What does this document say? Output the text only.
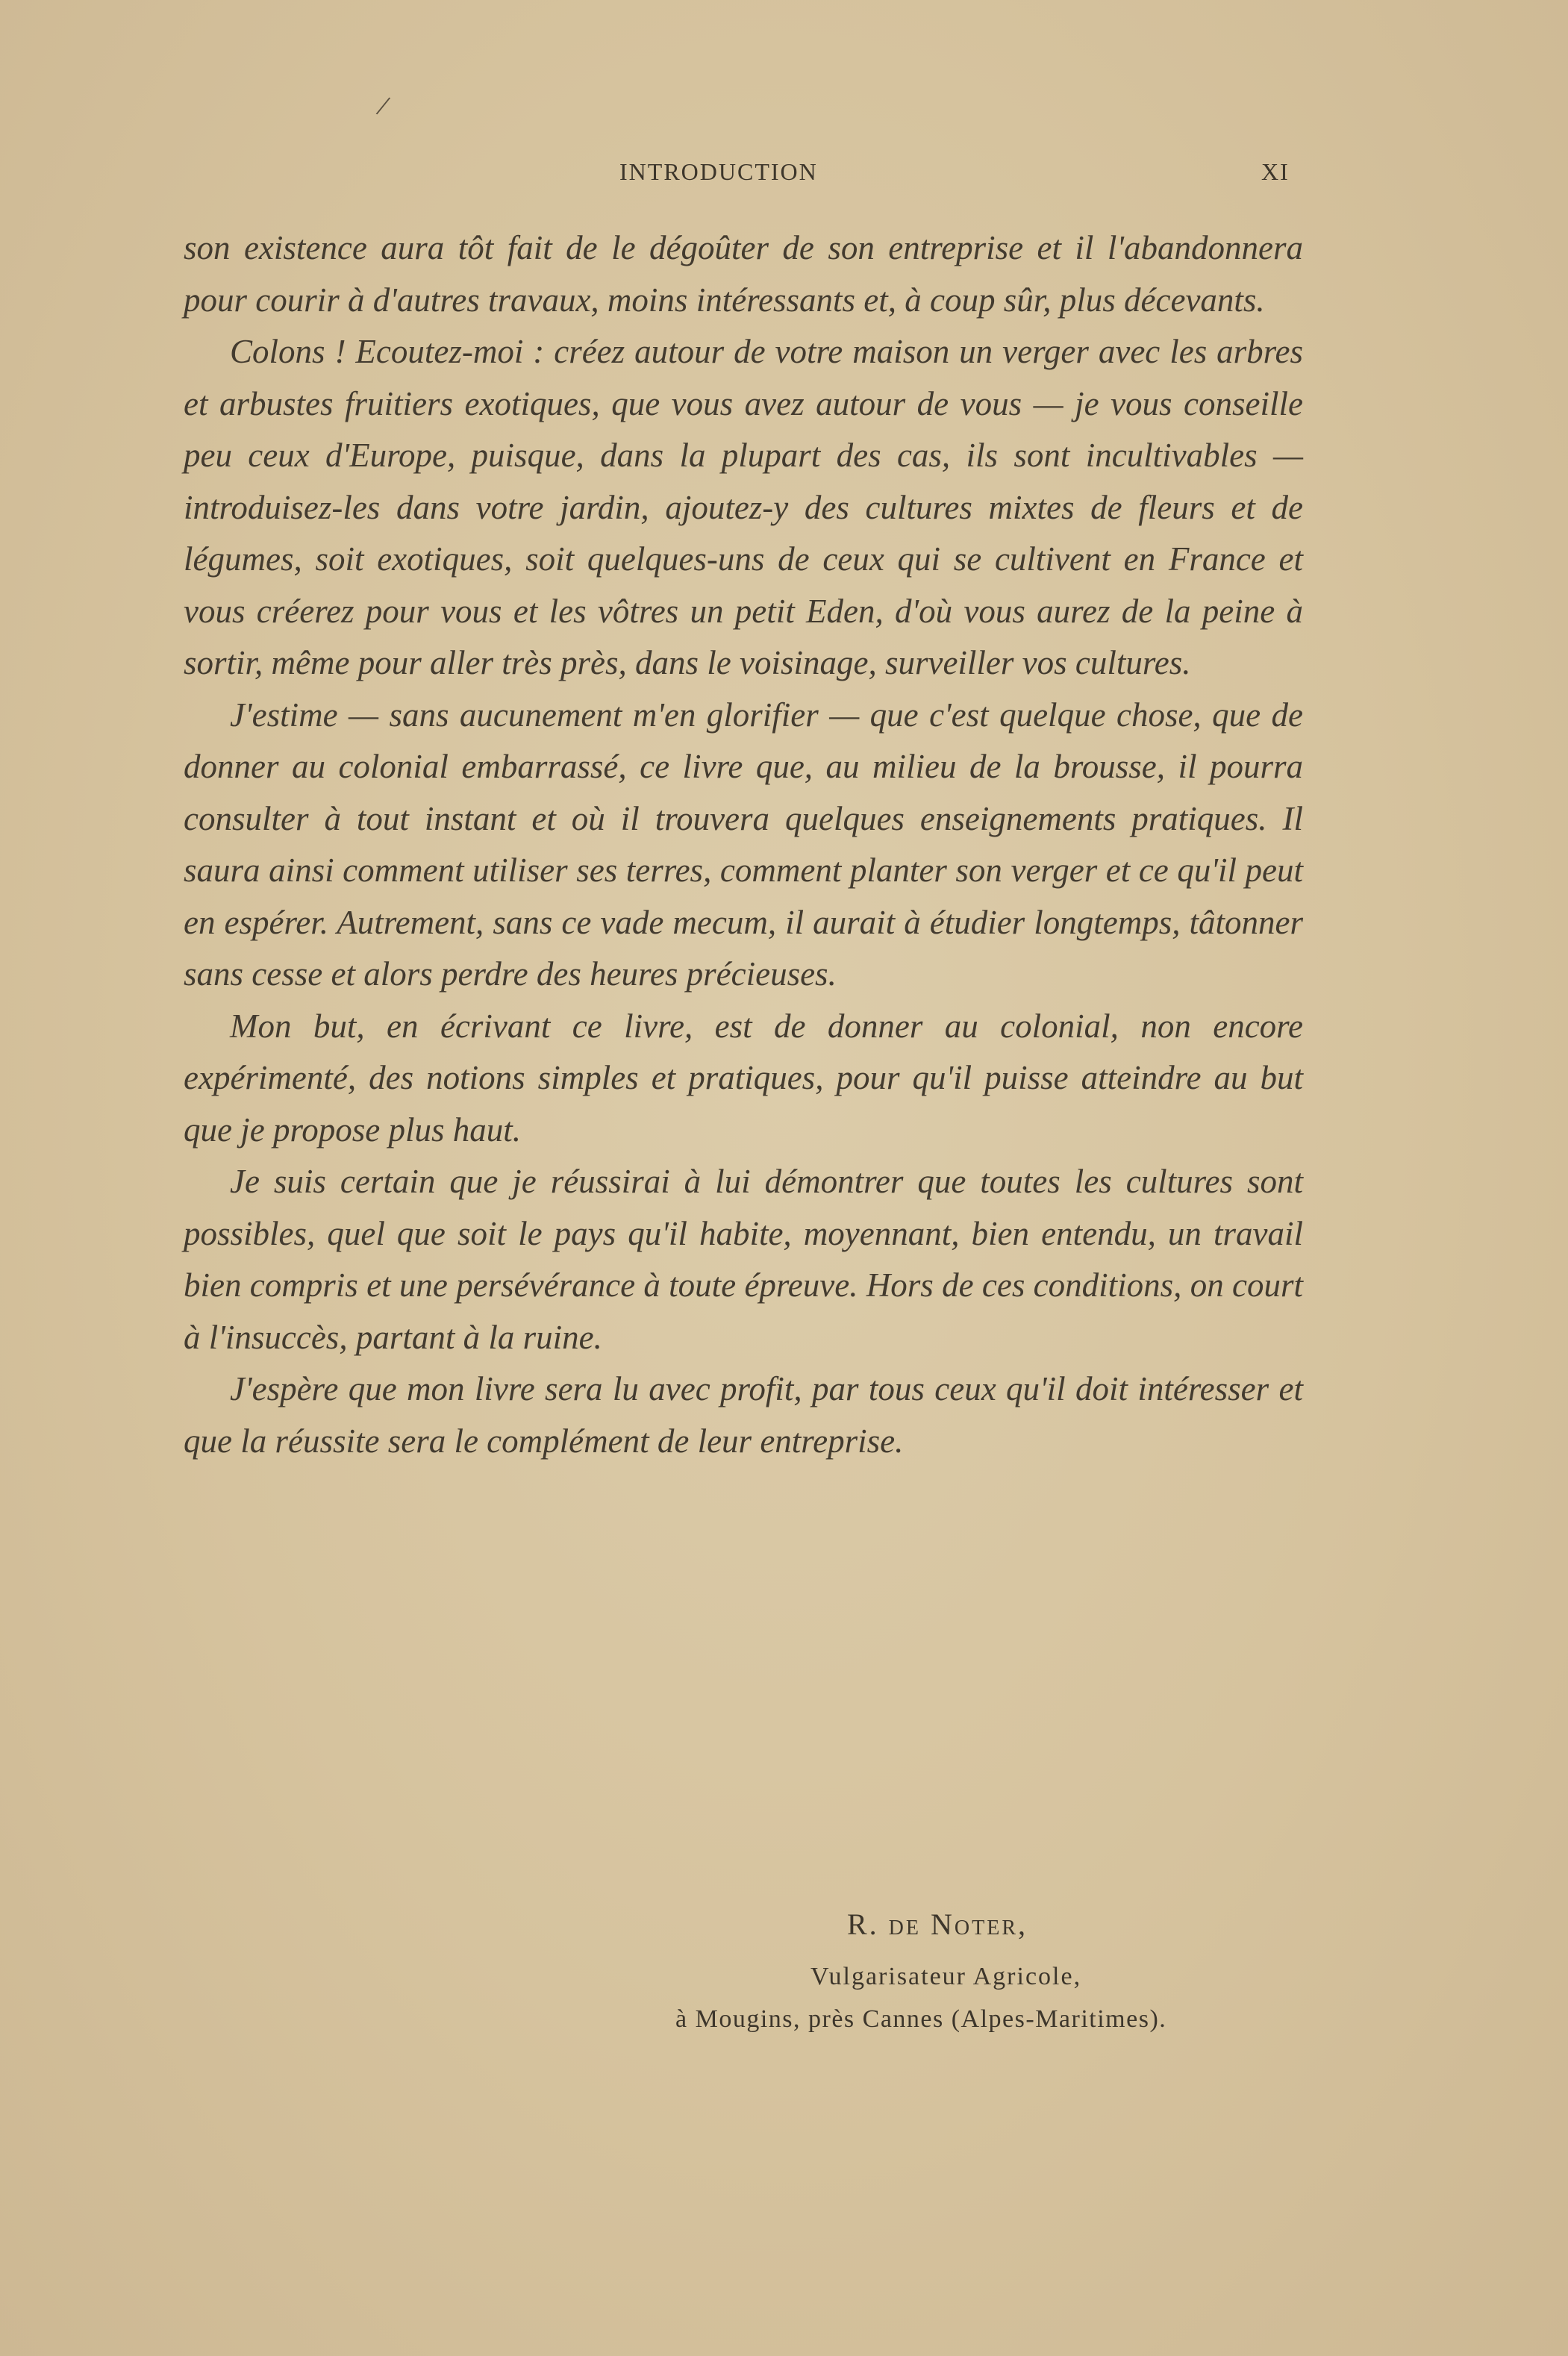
/
INTRODUCTION	XI

son existence aura tôt fait de le dégoûter de son entreprise et il l'abandonnera pour courir à d'autres travaux, moins intéressants et, à coup sûr, plus décevants.

Colons ! Ecoutez-moi : créez autour de votre maison un verger avec les arbres et arbustes fruitiers exotiques, que vous avez autour de vous — je vous conseille peu ceux d'Europe, puisque, dans la plupart des cas, ils sont incultivables — introduisez-les dans votre jardin, ajoutez-y des cultures mixtes de fleurs et de légumes, soit exotiques, soit quelques-uns de ceux qui se cultivent en France et vous créerez pour vous et les vôtres un petit Eden, d'où vous aurez de la peine à sortir, même pour aller très près, dans le voisinage, surveiller vos cultures.

J'estime — sans aucunement m'en glorifier — que c'est quelque chose, que de donner au colonial embarrassé, ce livre que, au milieu de la brousse, il pourra consulter à tout instant et où il trouvera quelques enseignements pratiques. Il saura ainsi comment utiliser ses terres, comment planter son verger et ce qu'il peut en espérer. Autrement, sans ce vade mecum, il aurait à étudier longtemps, tâtonner sans cesse et alors perdre des heures précieuses.

Mon but, en écrivant ce livre, est de donner au colonial, non encore expérimenté, des notions simples et pratiques, pour qu'il puisse atteindre au but que je propose plus haut.

Je suis certain que je réussirai à lui démontrer que toutes les cultures sont possibles, quel que soit le pays qu'il habite, moyennant, bien entendu, un travail bien compris et une persévérance à toute épreuve. Hors de ces conditions, on court à l'insuccès, partant à la ruine.

J'espère que mon livre sera lu avec profit, par tous ceux qu'il doit intéresser et que la réussite sera le complément de leur entreprise.

R. de Noter,
Vulgarisateur Agricole,
à Mougins, près Cannes (Alpes-Maritimes).
